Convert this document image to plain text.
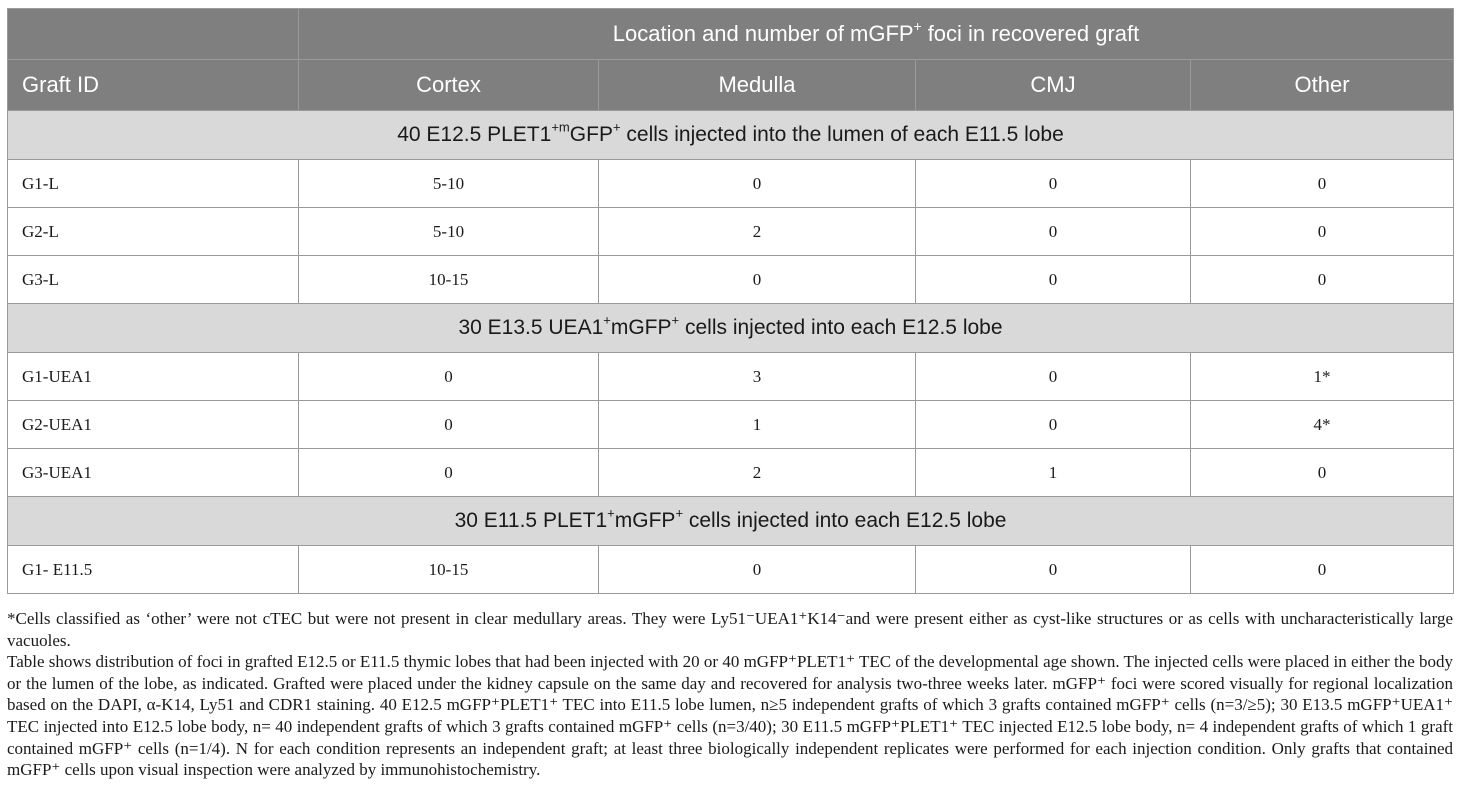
	Location and number of mGFP+ foci in recovered graft			
Graft ID	Cortex	Medulla	CMJ	Other
40 E12.5 $PLET1^{+m}GFP^+$ cells injected into the lumen of each E11.5 lobe				
G1-L	5-10	0	0	0
G2-L	5-10	2	0	0
G3-L	10-15	0	0	0
30 E13.5 UEA1+mGFP+ cells injected into each E12.5 lobe				
G1-UEA1	0	3	0	1*
G2-UEA1	0	1	0	4*
G3-UEA1	0	2	1	0
30 E11.5 PLET1+mGFP+ cells injected into each E12.5 lobe				
G1- E11.5	10-15	0	0	0

*Cells classified as ‘other’ were not cTEC but were not present in clear medullary areas. They were Ly51⁻UEA1⁺K14⁻and were present either as cyst-like structures or as cells with uncharacteristically large vacuoles.

Table shows distribution of foci in grafted E12.5 or E11.5 thymic lobes that had been injected with 20 or 40 mGFP⁺PLET1⁺ TEC of the developmental age shown. The injected cells were placed in either the body or the lumen of the lobe, as indicated. Grafted were placed under the kidney capsule on the same day and recovered for analysis two-three weeks later. mGFP⁺ foci were scored visually for regional localization based on the DAPI, α-K14, Ly51 and CDR1 staining. 40 E12.5 mGFP⁺PLET1⁺ TEC into E11.5 lobe lumen, n≥5 independent grafts of which 3 grafts contained mGFP⁺ cells (n=3/≥5); 30 E13.5 mGFP⁺UEA1⁺ TEC injected into E12.5 lobe body, n= 40 independent grafts of which 3 grafts contained mGFP⁺ cells (n=3/40); 30 E11.5 mGFP⁺PLET1⁺ TEC injected E12.5 lobe body, n= 4 independent grafts of which 1 graft contained mGFP⁺ cells (n=1/4). N for each condition represents an independent graft; at least three biologically independent replicates were performed for each injection condition. Only grafts that contained mGFP⁺ cells upon visual inspection were analyzed by immunohistochemistry.
